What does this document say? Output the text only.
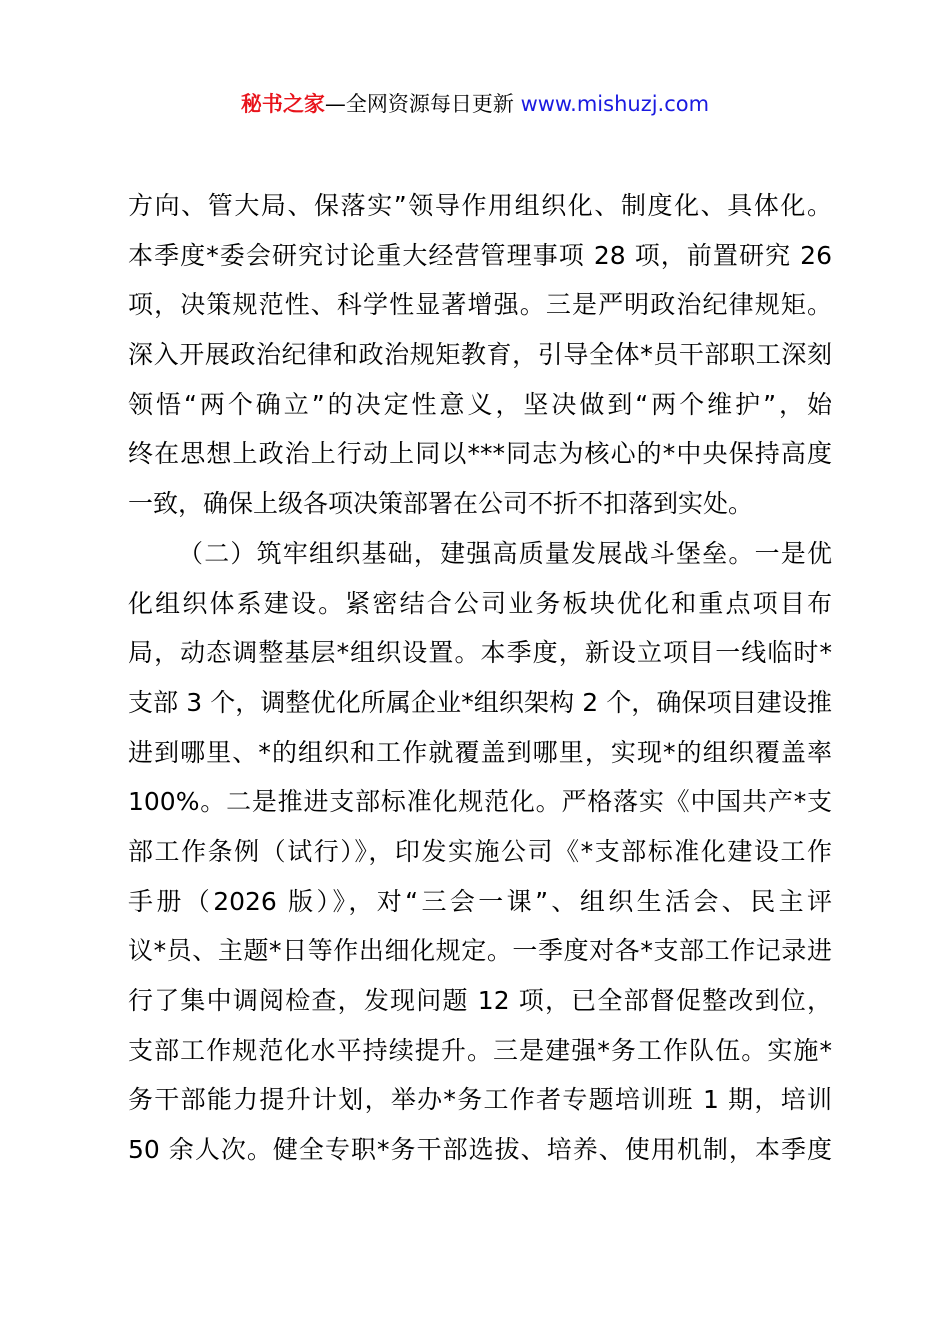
秘书之家—全网资源每日更新 www.mishuzj.com
方向、管大局、保落实”领导作用组织化、制度化、具体化。
本季度*委会研究讨论重大经营管理事项 28 项，前置研究 26
项，决策规范性、科学性显著增强。三是严明政治纪律规矩。
深入开展政治纪律和政治规矩教育，引导全体*员干部职工深刻
领悟“两个确立”的决定性意义，坚决做到“两个维护”，始
终在思想上政治上行动上同以***同志为核心的*中央保持高度
一致，确保上级各项决策部署在公司不折不扣落到实处。
（二）筑牢组织基础，建强高质量发展战斗堡垒。一是优
化组织体系建设。紧密结合公司业务板块优化和重点项目布
局，动态调整基层*组织设置。本季度，新设立项目一线临时*
支部 3 个，调整优化所属企业*组织架构 2 个，确保项目建设推
进到哪里、*的组织和工作就覆盖到哪里，实现*的组织覆盖率
100%。二是推进支部标准化规范化。严格落实《中国共产*支
部工作条例（试行）》，印发实施公司《*支部标准化建设工作
手册（2026 版）》，对“三会一课”、组织生活会、民主评
议*员、主题*日等作出细化规定。一季度对各*支部工作记录进
行了集中调阅检查，发现问题 12 项，已全部督促整改到位，
支部工作规范化水平持续提升。三是建强*务工作队伍。实施*
务干部能力提升计划，举办*务工作者专题培训班 1 期，培训
50 余人次。健全专职*务干部选拔、培养、使用机制，本季度
